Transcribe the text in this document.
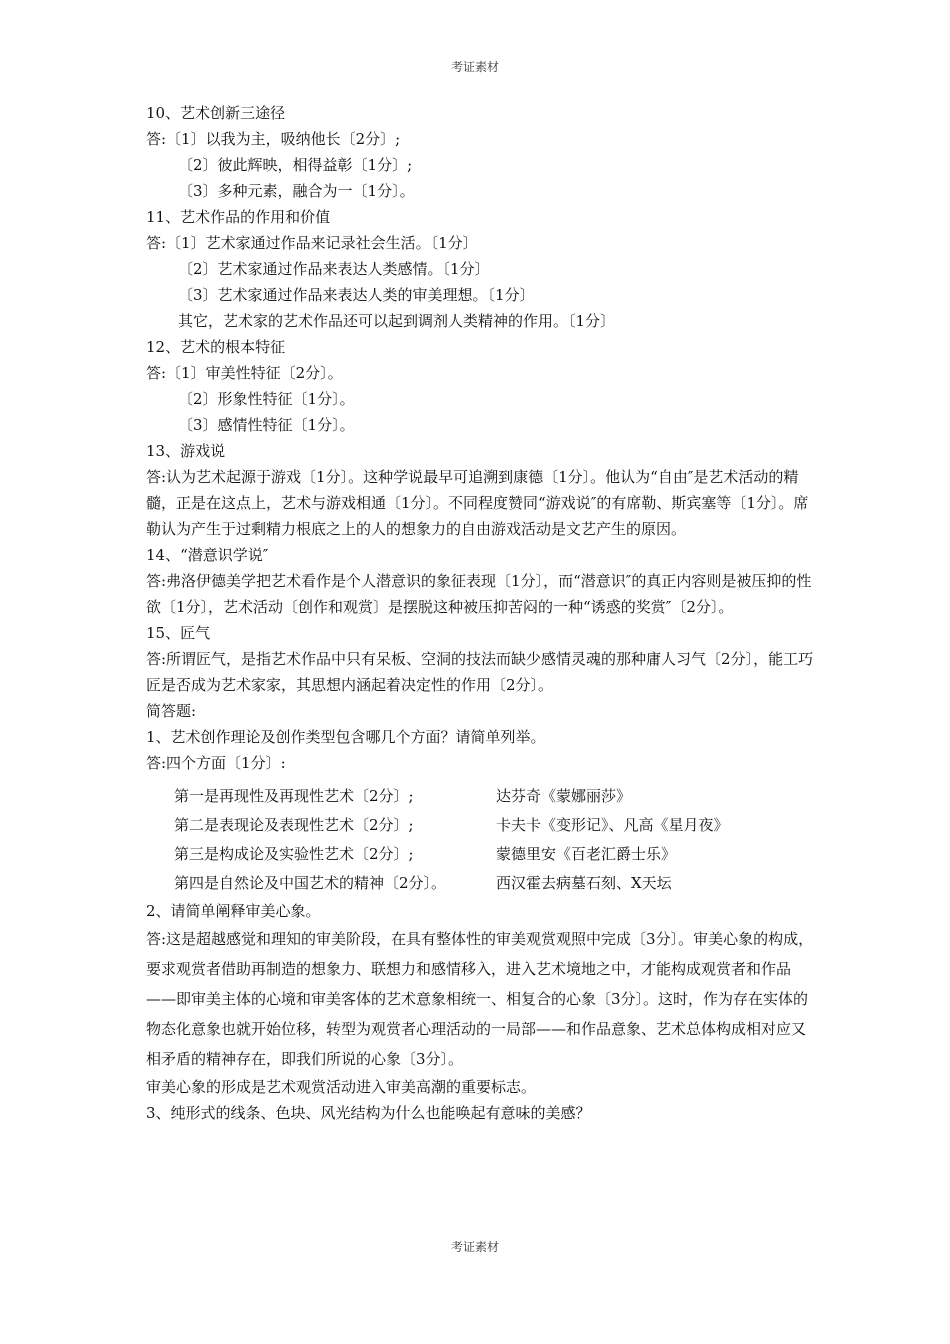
考证素材
10、艺术创新三途径
答:〔1〕以我为主，吸纳他长〔2分〕;
〔2〕彼此辉映，相得益彰〔1分〕;
〔3〕多种元素，融合为一〔1分〕。
11、艺术作品的作用和价值
答:〔1〕艺术家通过作品来记录社会生活。〔1分〕
〔2〕艺术家通过作品来表达人类感情。〔1分〕
〔3〕艺术家通过作品来表达人类的审美理想。〔1分〕
其它，艺术家的艺术作品还可以起到调剂人类精神的作用。〔1分〕
12、艺术的根本特征
答:〔1〕审美性特征〔2分〕。
〔2〕形象性特征〔1分〕。
〔3〕感情性特征〔1分〕。
13、游戏说
答:认为艺术起源于游戏〔1分〕。这种学说最早可追溯到康德〔1分〕。他认为“自由″是艺术活动的精髓，正是在这点上，艺术与游戏相通〔1分〕。不同程度赞同“游戏说″的有席勒、斯宾塞等〔1分〕。席勒认为产生于过剩精力根底之上的人的想象力的自由游戏活动是文艺产生的原因。
14、“潜意识学说″
答:弗洛伊德美学把艺术看作是个人潜意识的象征表现〔1分〕，而“潜意识″的真正内容则是被压抑的性欲〔1分〕，艺术活动〔创作和观赏〕是摆脱这种被压抑苦闷的一种“诱惑的奖赏″〔2分〕。
15、匠气
答:所谓匠气，是指艺术作品中只有呆板、空洞的技法而缺少感情灵魂的那种庸人习气〔2分〕，能工巧匠是否成为艺术家家，其思想内涵起着决定性的作用〔2分〕。
简答题:
1、艺术创作理论及创作类型包含哪几个方面？请简单列举。
答:四个方面〔1分〕:
第一是再现性及再现性艺术〔2分〕;	达芬奇《蒙娜丽莎》
第二是表现论及表现性艺术〔2分〕;	卡夫卡《变形记》、凡高《星月夜》
第三是构成论及实验性艺术〔2分〕;	蒙德里安《百老汇爵士乐》
第四是自然论及中国艺术的精神〔2分〕。	西汉霍去病墓石刻、X天坛
2、请简单阐释审美心象。
答:这是超越感觉和理知的审美阶段，在具有整体性的审美观赏观照中完成〔3分〕。审美心象的构成，要求观赏者借助再制造的想象力、联想力和感情移入，进入艺术境地之中，才能构成观赏者和作品——即审美主体的心境和审美客体的艺术意象相统一、相复合的心象〔3分〕。这时，作为存在实体的物态化意象也就开始位移，转型为观赏者心理活动的一局部——和作品意象、艺术总体构成相对应又相矛盾的精神存在，即我们所说的心象〔3分〕。
审美心象的形成是艺术观赏活动进入审美高潮的重要标志。
3、纯形式的线条、色块、风光结构为什么也能唤起有意味的美感？
考证素材
